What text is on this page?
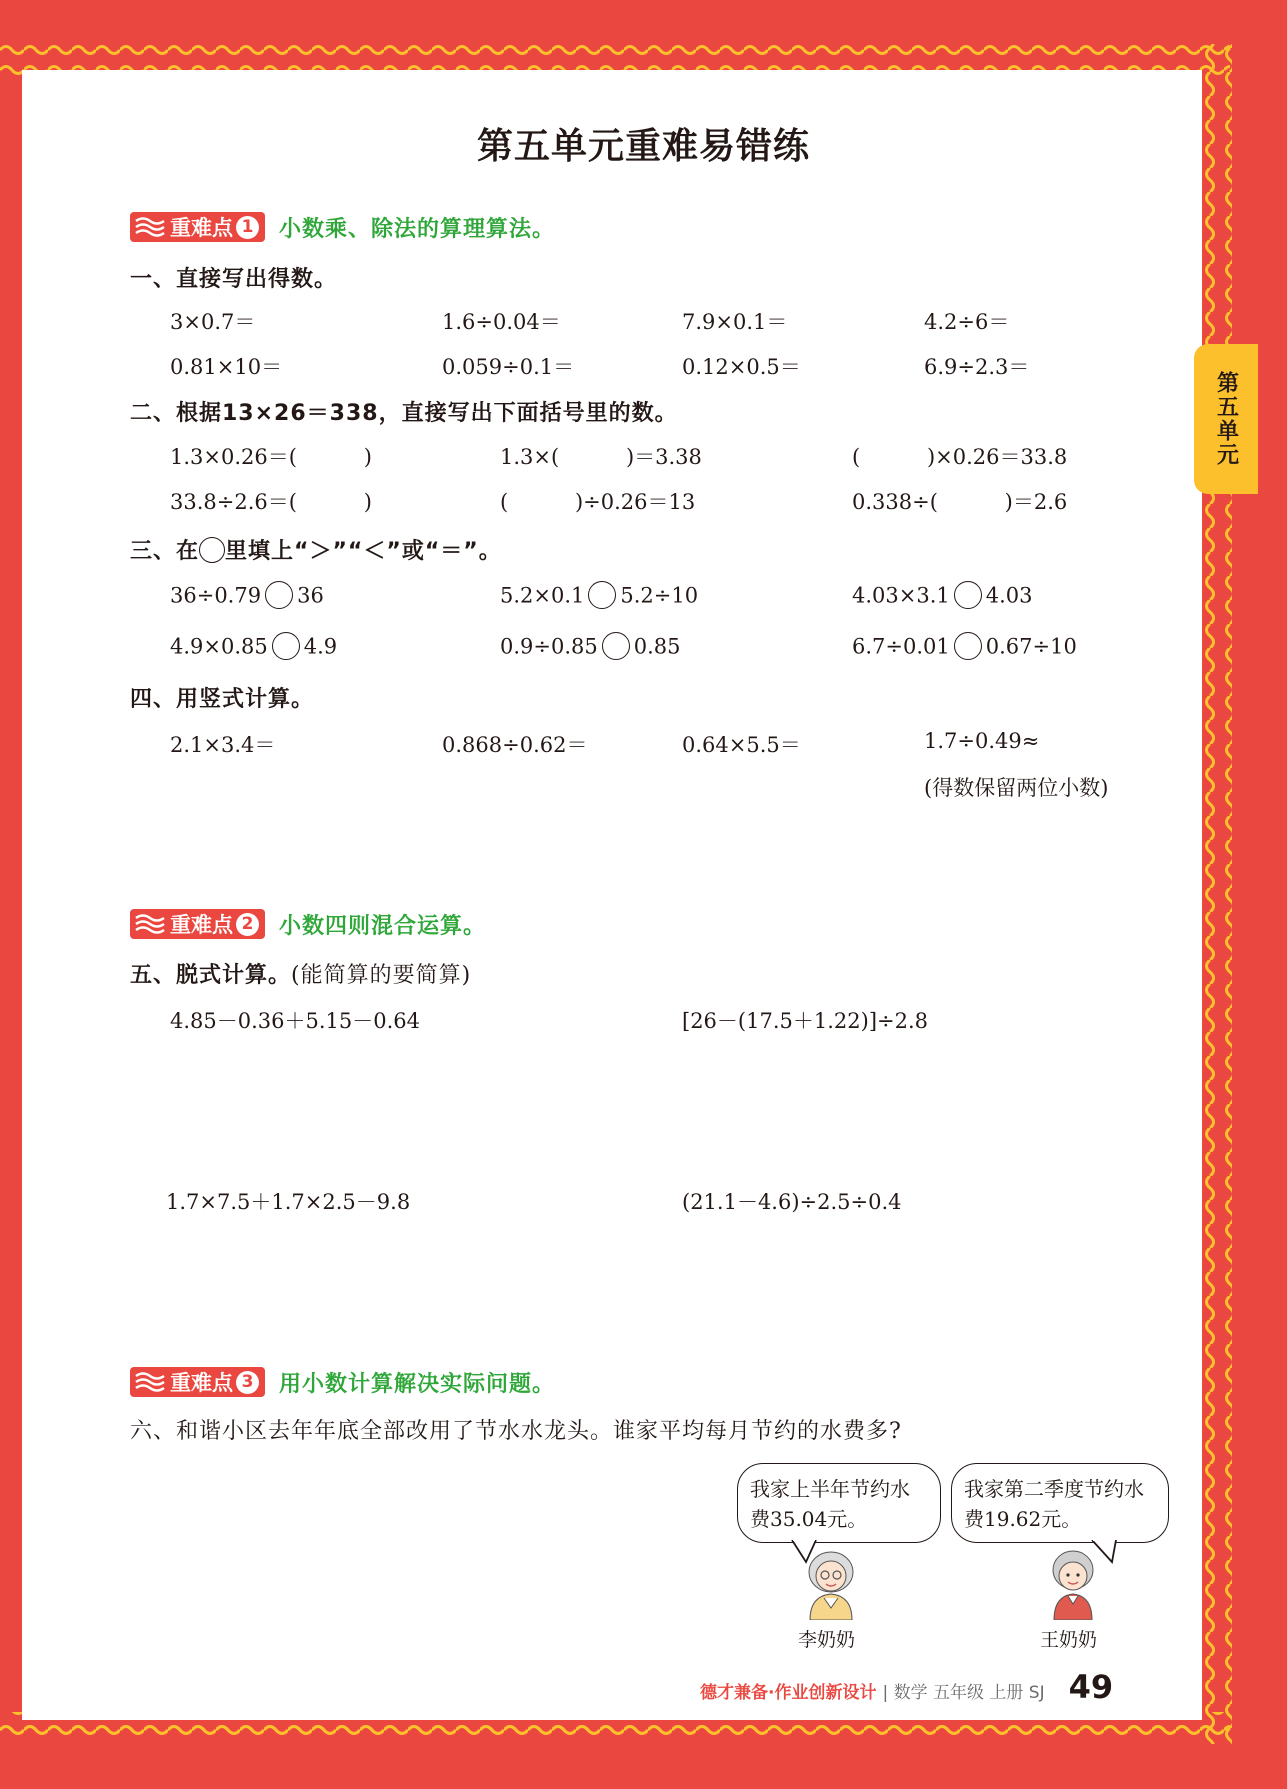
第五单元重难易错练
第五单元
重难点 1 小数乘、除法的算理算法。
一、直接写出得数。
3×0.7＝	1.6÷0.04＝	7.9×0.1＝	4.2÷6＝
0.81×10＝	0.059÷0.1＝	0.12×0.5＝	6.9÷2.3＝
二、根据13×26＝338，直接写出下面括号里的数。
1.3×0.26＝(          )	1.3×(          )＝3.38	(          )×0.26＝33.8
33.8÷2.6＝(          )	(          )÷0.26＝13	0.338÷(          )＝2.6
三、在 里填上“＞”“＜”或“＝”。
36÷0.79 36	5.2×0.1 5.2÷10	4.03×3.1 4.03
4.9×0.85 4.9	0.9÷0.85 0.85	6.7÷0.01 0.67÷10
四、用竖式计算。
2.1×3.4＝	0.868÷0.62＝	0.64×5.5＝	1.7÷0.49≈
(得数保留两位小数)
重难点 2 小数四则混合运算。
五、脱式计算。(能简算的要简算)
4.85－0.36＋5.15－0.64	[26－(17.5＋1.22)]÷2.8
1.7×7.5＋1.7×2.5－9.8	(21.1－4.6)÷2.5÷0.4
重难点 3 用小数计算解决实际问题。
六、和谐小区去年年底全部改用了节水水龙头。谁家平均每月节约的水费多?
我家上半年节约水费35.04元。
我家第二季度节约水费19.62元。
李奶奶	王奶奶
德才兼备·作业创新设计 | 数学 五年级 上册 SJ 49
